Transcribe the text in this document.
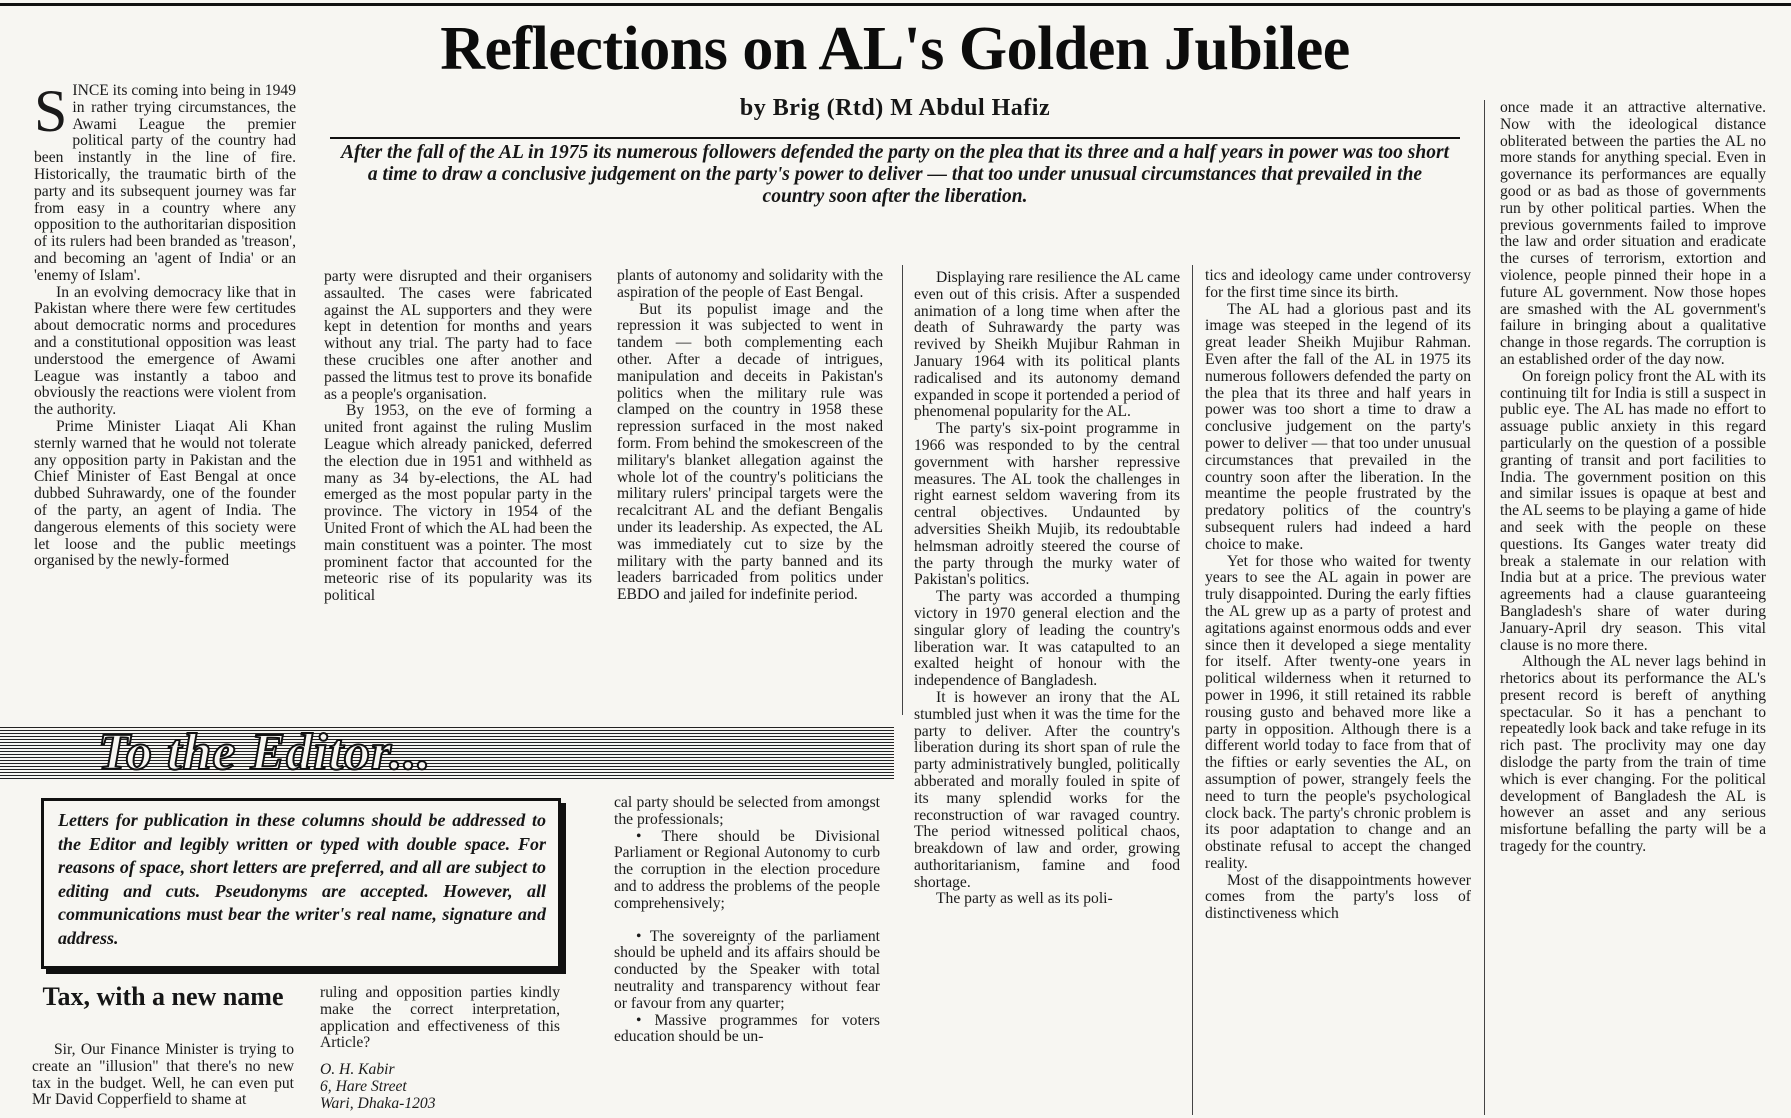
Reflections on AL's Golden Jubilee
by Brig (Rtd) M Abdul Hafiz
After the fall of the AL in 1975 its numerous followers defended the party on the plea that its three and a half years in power was too short a time to draw a conclusive judgement on the party's power to deliver — that too under unusual circumstances that prevailed in the country soon after the liberation.
S INCE its coming into being in 1949 in rather trying circumstances, the Awami League the premier political party of the country had been instantly in the line of fire. Historically, the traumatic birth of the party and its subsequent journey was far from easy in a country where any opposition to the authoritarian disposition of its rulers had been branded as 'treason', and becoming an 'agent of India' or an 'enemy of Islam'.

In an evolving democracy like that in Pakistan where there were few certitudes about democratic norms and procedures and a constitutional opposition was least understood the emergence of Awami League was instantly a taboo and obviously the reactions were violent from the authority.

Prime Minister Liaqat Ali Khan sternly warned that he would not tolerate any opposition party in Pakistan and the Chief Minister of East Bengal at once dubbed Suhrawardy, one of the founder of the party, an agent of India. The dangerous elements of this society were let loose and the public meetings organised by the newly-formed

party were disrupted and their organisers assaulted. The cases were fabricated against the AL supporters and they were kept in detention for months and years without any trial. The party had to face these crucibles one after another and passed the litmus test to prove its bonafide as a people's organisation.

By 1953, on the eve of forming a united front against the ruling Muslim League which already panicked, deferred the election due in 1951 and withheld as many as 34 by-elections, the AL had emerged as the most popular party in the province. The victory in 1954 of the United Front of which the AL had been the main constituent was a pointer. The most prominent factor that accounted for the meteoric rise of its popularity was its political

plants of autonomy and solidarity with the aspiration of the people of East Bengal.

But its populist image and the repression it was subjected to went in tandem — both complementing each other. After a decade of intrigues, manipulation and deceits in Pakistan's politics when the military rule was clamped on the country in 1958 these repression surfaced in the most naked form. From behind the smokescreen of the military's blanket allegation against the whole lot of the country's politicians the military rulers' principal targets were the recalcitrant AL and the defiant Bengalis under its leadership. As expected, the AL was immediately cut to size by the military with the party banned and its leaders barricaded from politics under EBDO and jailed for indefinite period.

Displaying rare resilience the AL came even out of this crisis. After a suspended animation of a long time when after the death of Suhrawardy the party was revived by Sheikh Mujibur Rahman in January 1964 with its political plants radicalised and its autonomy demand expanded in scope it portended a period of phenomenal popularity for the AL.

The party's six-point programme in 1966 was responded to by the central government with harsher repressive measures. The AL took the challenges in right earnest seldom wavering from its central objectives. Undaunted by adversities Sheikh Mujib, its redoubtable helmsman adroitly steered the course of the party through the murky water of Pakistan's politics.

The party was accorded a thumping victory in 1970 general election and the singular glory of leading the country's liberation war. It was catapulted to an exalted height of honour with the independence of Bangladesh.

It is however an irony that the AL stumbled just when it was the time for the party to deliver. After the country's liberation during its short span of rule the party administratively bungled, politically abberated and morally fouled in spite of its many splendid works for the reconstruction of war ravaged country. The period witnessed political chaos, breakdown of law and order, growing authoritarianism, famine and food shortage.

The party as well as its poli-

tics and ideology came under controversy for the first time since its birth.

The AL had a glorious past and its image was steeped in the legend of its great leader Sheikh Mujibur Rahman. Even after the fall of the AL in 1975 its numerous followers defended the party on the plea that its three and half years in power was too short a time to draw a conclusive judgement on the party's power to deliver — that too under unusual circumstances that prevailed in the country soon after the liberation. In the meantime the people frustrated by the predatory politics of the country's subsequent rulers had indeed a hard choice to make.

Yet for those who waited for twenty years to see the AL again in power are truly disappointed. During the early fifties the AL grew up as a party of protest and agitations against enormous odds and ever since then it developed a siege mentality for itself. After twenty-one years in political wilderness when it returned to power in 1996, it still retained its rabble rousing gusto and behaved more like a party in opposition. Although there is a different world today to face from that of the fifties or early seventies the AL, on assumption of power, strangely feels the need to turn the people's psychological clock back. The party's chronic problem is its poor adaptation to change and an obstinate refusal to accept the changed reality.

Most of the disappointments however comes from the party's loss of distinctiveness which

once made it an attractive alternative. Now with the ideological distance obliterated between the parties the AL no more stands for anything special. Even in governance its performances are equally good or as bad as those of governments run by other political parties. When the previous governments failed to improve the law and order situation and eradicate the curses of terrorism, extortion and violence, people pinned their hope in a future AL government. Now those hopes are smashed with the AL government's failure in bringing about a qualitative change in those regards. The corruption is an established order of the day now.

On foreign policy front the AL with its continuing tilt for India is still a suspect in public eye. The AL has made no effort to assuage public anxiety in this regard particularly on the question of a possible granting of transit and port facilities to India. The government position on this and similar issues is opaque at best and the AL seems to be playing a game of hide and seek with the people on these questions. Its Ganges water treaty did break a stalemate in our relation with India but at a price. The previous water agreements had a clause guaranteeing Bangladesh's share of water during January-April dry season. This vital clause is no more there.

Although the AL never lags behind in rhetorics about its performance the AL's present record is bereft of anything spectacular. So it has a penchant to repeatedly look back and take refuge in its rich past. The proclivity may one day dislodge the party from the train of time which is ever changing. For the political development of Bangladesh the AL is however an asset and any serious misfortune befalling the party will be a tragedy for the country.

To the Editor...
Letters for publication in these columns should be addressed to the Editor and legibly written or typed with double space. For reasons of space, short letters are preferred, and all are subject to editing and cuts. Pseudonyms are accepted. However, all communications must bear the writer's real name, signature and address.
Tax, with a new name

Sir, Our Finance Minister is trying to create an "illusion" that there's no new tax in the budget. Well, he can even put Mr David Copperfield to shame at

ruling and opposition parties kindly make the correct interpretation, application and effectiveness of this Article?

O. H. Kabir

6, Hare Street

Wari, Dhaka-1203

cal party should be selected from amongst the professionals;

• There should be Divisional Parliament or Regional Autonomy to curb the corruption in the election procedure and to address the problems of the people comprehensively;
• The sovereignty of the parliament should be upheld and its affairs should be conducted by the Speaker with total neutrality and transparency without fear or favour from any quarter;
• Massive programmes for voters education should be un-
